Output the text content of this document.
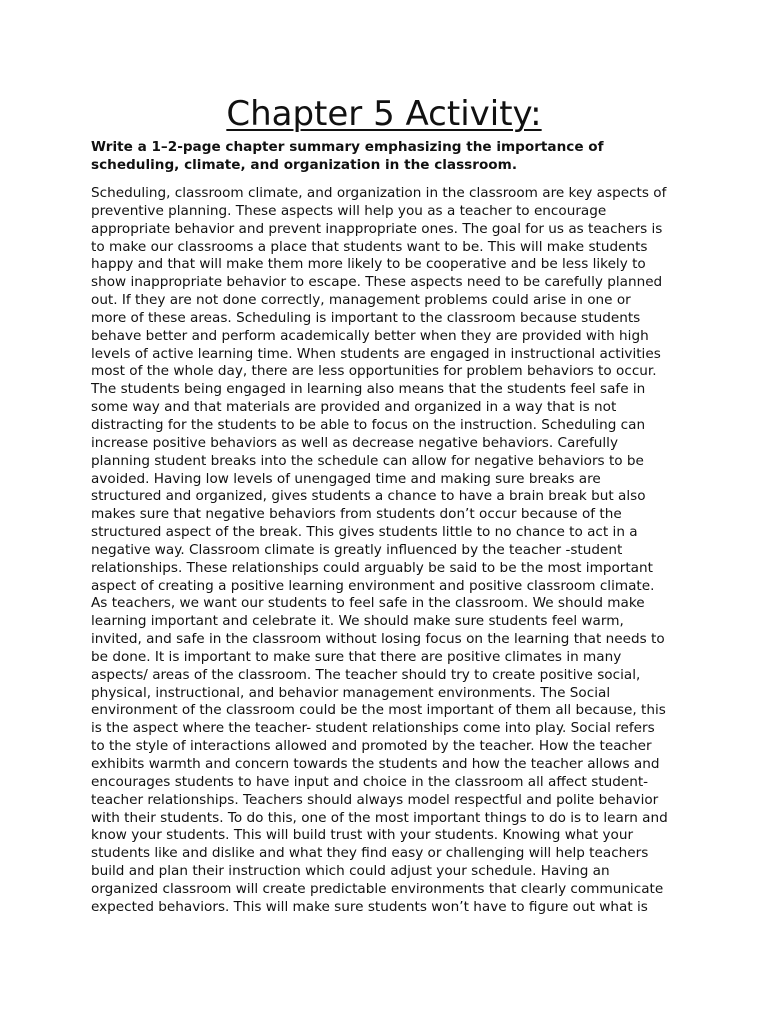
Chapter 5 Activity:

Write a 1–2-page chapter summary emphasizing the importance of
scheduling, climate, and organization in the classroom.

Scheduling, classroom climate, and organization in the classroom are key aspects of
preventive planning. These aspects will help you as a teacher to encourage
appropriate behavior and prevent inappropriate ones. The goal for us as teachers is
to make our classrooms a place that students want to be. This will make students
happy and that will make them more likely to be cooperative and be less likely to
show inappropriate behavior to escape. These aspects need to be carefully planned
out. If they are not done correctly, management problems could arise in one or
more of these areas. Scheduling is important to the classroom because students
behave better and perform academically better when they are provided with high
levels of active learning time. When students are engaged in instructional activities
most of the whole day, there are less opportunities for problem behaviors to occur.
The students being engaged in learning also means that the students feel safe in
some way and that materials are provided and organized in a way that is not
distracting for the students to be able to focus on the instruction. Scheduling can
increase positive behaviors as well as decrease negative behaviors. Carefully
planning student breaks into the schedule can allow for negative behaviors to be
avoided. Having low levels of unengaged time and making sure breaks are
structured and organized, gives students a chance to have a brain break but also
makes sure that negative behaviors from students don’t occur because of the
structured aspect of the break. This gives students little to no chance to act in a
negative way. Classroom climate is greatly influenced by the teacher -student
relationships. These relationships could arguably be said to be the most important
aspect of creating a positive learning environment and positive classroom climate.
As teachers, we want our students to feel safe in the classroom. We should make
learning important and celebrate it. We should make sure students feel warm,
invited, and safe in the classroom without losing focus on the learning that needs to
be done. It is important to make sure that there are positive climates in many
aspects/ areas of the classroom. The teacher should try to create positive social,
physical, instructional, and behavior management environments. The Social
environment of the classroom could be the most important of them all because, this
is the aspect where the teacher- student relationships come into play. Social refers
to the style of interactions allowed and promoted by the teacher. How the teacher
exhibits warmth and concern towards the students and how the teacher allows and
encourages students to have input and choice in the classroom all affect student-
teacher relationships. Teachers should always model respectful and polite behavior
with their students. To do this, one of the most important things to do is to learn and
know your students. This will build trust with your students. Knowing what your
students like and dislike and what they find easy or challenging will help teachers
build and plan their instruction which could adjust your schedule. Having an
organized classroom will create predictable environments that clearly communicate
expected behaviors. This will make sure students won’t have to figure out what is
